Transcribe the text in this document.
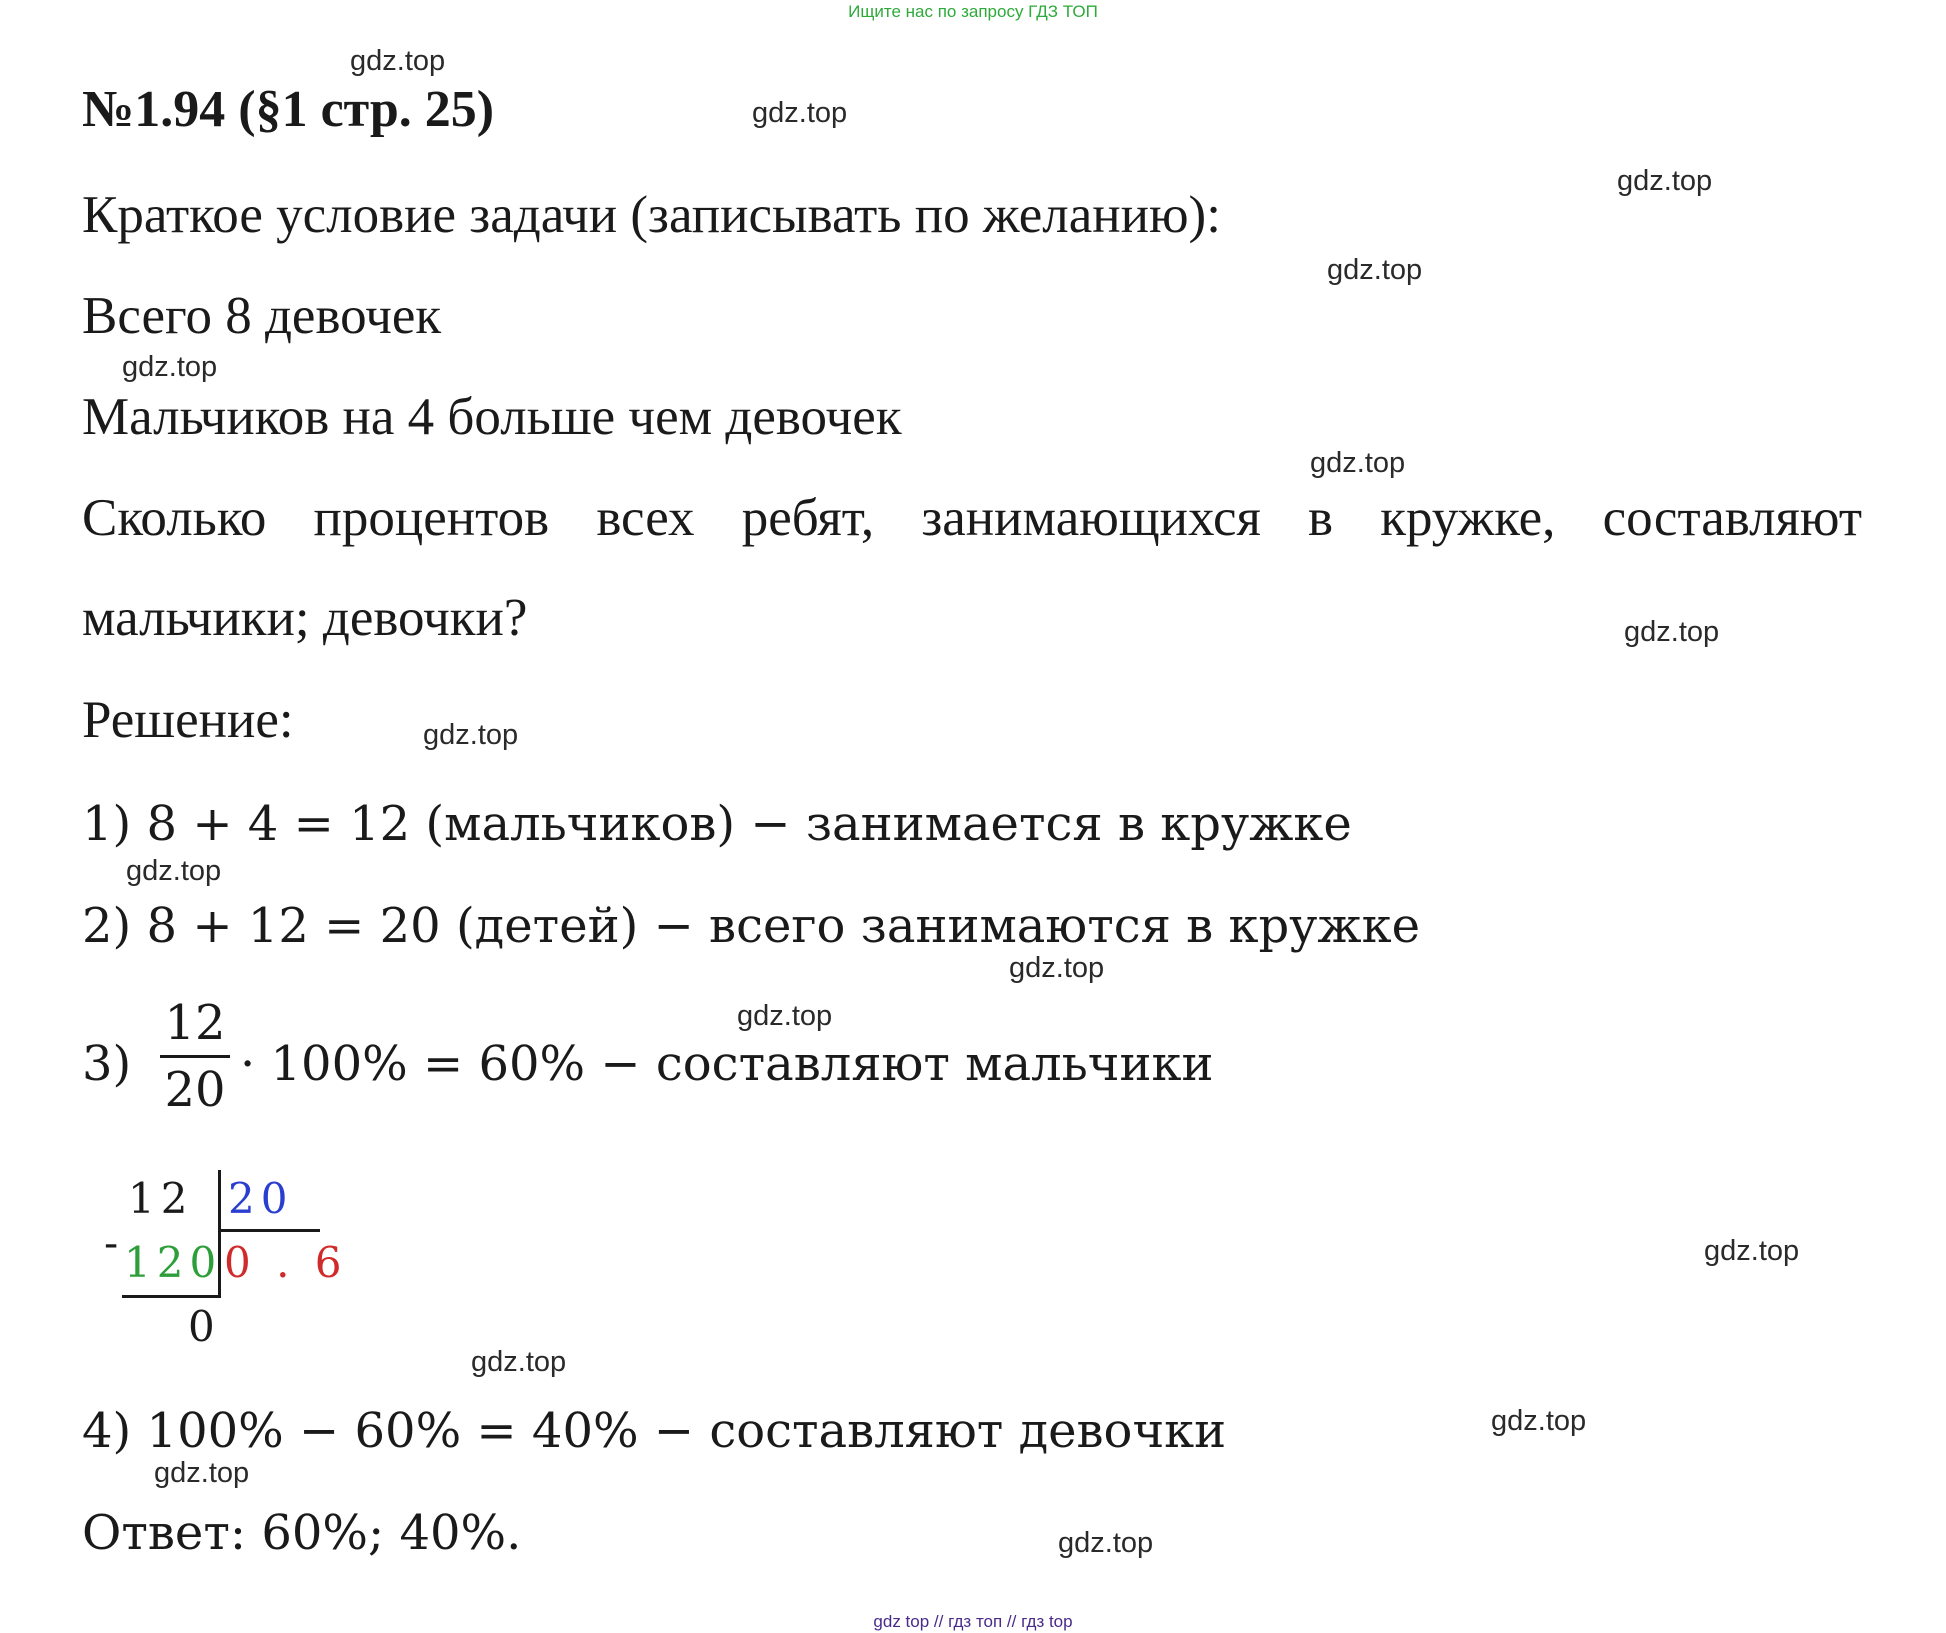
Ищите нас по запросу ГДЗ ТОП
№1.94 (§1 стр. 25)
Краткое условие задачи (записывать по желанию):
Всего 8 девочек
Мальчиков на 4 больше чем девочек
Сколько процентов всех ребят, занимающихся в кружке, составляют
мальчики; девочки?
Решение:
1) 8 + 4 = 12 (мальчиков) − занимается в кружке
2) 8 + 12 = 20 (детей) − всего занимаются в кружке
3)
12
20 · 100% = 60% − составляют мальчики
12 20
- 120 0 . 6
0
4) 100% − 60% = 40% − составляют девочки
Ответ: 60%; 40%.
gdz.top
gdz.top
gdz.top
gdz.top
gdz.top
gdz.top
gdz.top
gdz.top
gdz.top
gdz.top
gdz.top
gdz.top
gdz.top
gdz.top
gdz.top
gdz.top
gdz top // гдз топ // гдз top
